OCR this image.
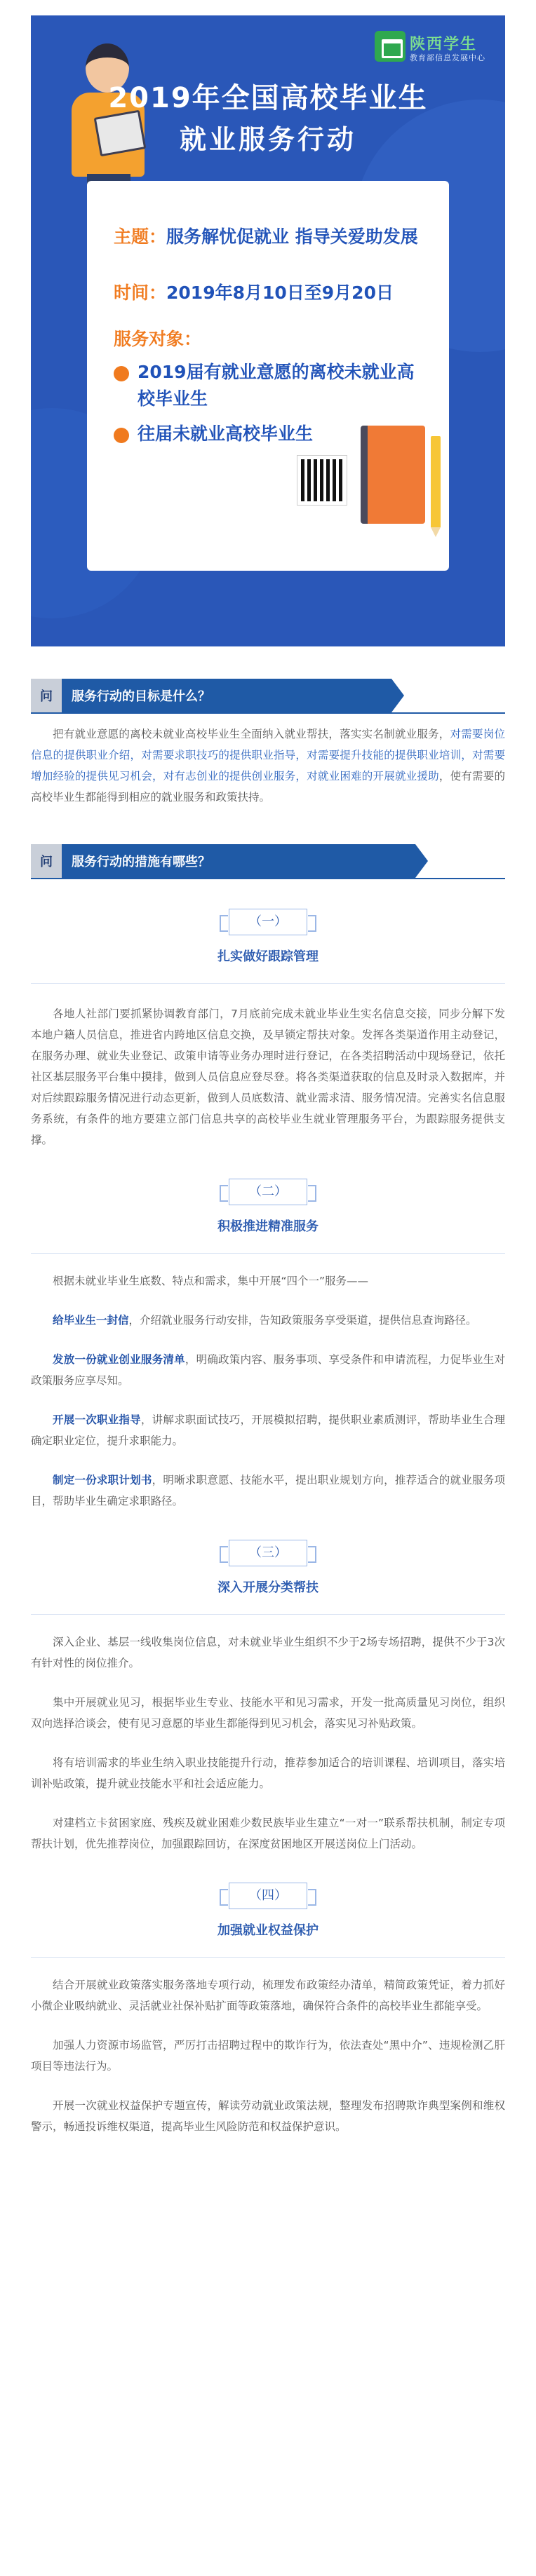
陕西学生
教育部信息发展中心
2019年全国高校毕业生
就业服务行动
主题：服务解忧促就业 指导关爱助发展
时间：2019年8月10日至9月20日
服务对象：
2019届有就业意愿的离校未就业高校毕业生
往届未就业高校毕业生
问	服务行动的目标是什么？

把有就业意愿的离校未就业高校毕业生全面纳入就业帮扶，落实实名制就业服务，对需要岗位信息的提供职业介绍，对需要求职技巧的提供职业指导，对需要提升技能的提供职业培训，对需要增加经验的提供见习机会，对有志创业的提供创业服务，对就业困难的开展就业援助，使有需要的高校毕业生都能得到相应的就业服务和政策扶持。

问	服务行动的措施有哪些？
（一）
扎实做好跟踪管理

各地人社部门要抓紧协调教育部门，7月底前完成未就业毕业生实名信息交接，同步分解下发本地户籍人员信息，推进省内跨地区信息交换，及早锁定帮扶对象。发挥各类渠道作用主动登记，在服务办理、就业失业登记、政策申请等业务办理时进行登记，在各类招聘活动中现场登记，依托社区基层服务平台集中摸排，做到人员信息应登尽登。将各类渠道获取的信息及时录入数据库，并对后续跟踪服务情况进行动态更新，做到人员底数清、就业需求清、服务情况清。完善实名信息服务系统，有条件的地方要建立部门信息共享的高校毕业生就业管理服务平台，为跟踪服务提供支撑。

（二）
积极推进精准服务

根据未就业毕业生底数、特点和需求，集中开展“四个一”服务——

给毕业生一封信，介绍就业服务行动安排，告知政策服务享受渠道，提供信息查询路径。

发放一份就业创业服务清单，明确政策内容、服务事项、享受条件和申请流程，力促毕业生对政策服务应享尽知。

开展一次职业指导，讲解求职面试技巧，开展模拟招聘，提供职业素质测评，帮助毕业生合理确定职业定位，提升求职能力。

制定一份求职计划书，明晰求职意愿、技能水平，提出职业规划方向，推荐适合的就业服务项目，帮助毕业生确定求职路径。

（三）
深入开展分类帮扶

深入企业、基层一线收集岗位信息，对未就业毕业生组织不少于2场专场招聘，提供不少于3次有针对性的岗位推介。

集中开展就业见习，根据毕业生专业、技能水平和见习需求，开发一批高质量见习岗位，组织双向选择洽谈会，使有见习意愿的毕业生都能得到见习机会，落实见习补贴政策。

将有培训需求的毕业生纳入职业技能提升行动，推荐参加适合的培训课程、培训项目，落实培训补贴政策，提升就业技能水平和社会适应能力。

对建档立卡贫困家庭、残疾及就业困难少数民族毕业生建立“一对一”联系帮扶机制，制定专项帮扶计划，优先推荐岗位，加强跟踪回访，在深度贫困地区开展送岗位上门活动。

（四）
加强就业权益保护

结合开展就业政策落实服务落地专项行动，梳理发布政策经办清单，精简政策凭证，着力抓好小微企业吸纳就业、灵活就业社保补贴扩面等政策落地，确保符合条件的高校毕业生都能享受。

加强人力资源市场监管，严厉打击招聘过程中的欺诈行为，依法查处“黑中介”、违规检测乙肝项目等违法行为。

开展一次就业权益保护专题宣传，解读劳动就业政策法规，整理发布招聘欺诈典型案例和维权警示，畅通投诉维权渠道，提高毕业生风险防范和权益保护意识。
